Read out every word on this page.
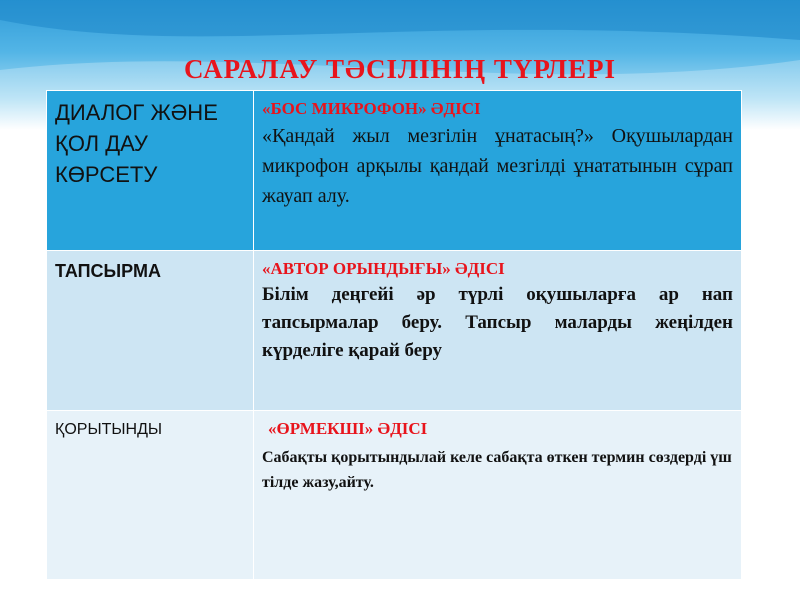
САРАЛАУ ТӘСІЛІНІҢ ТҮРЛЕРІ
ДИАЛОГ ЖӘНЕ ҚОЛ ДАУ КӨРСЕТУ	«БОС МИКРОФОН» ӘДІСІ
«Қандай жыл мезгілін ұнатасың?» Оқушылардан микрофон арқылы қандай мезгілді ұнататынын сұрап жауап алу.

ТАПСЫРМА	«АВТОР ОРЫНДЫҒЫ» ӘДІСІ
Білім деңгейі әр түрлі оқушыларға ар нап тапсырмалар беру. Тапсыр маларды жеңілден күрделіге қарай беру

ҚОРЫТЫНДЫ	«ӨРМЕКШІ» ӘДІСІ
Сабақты қорытындылай келе сабақта өткен термин сөздерді үш тілде жазу,айту.
